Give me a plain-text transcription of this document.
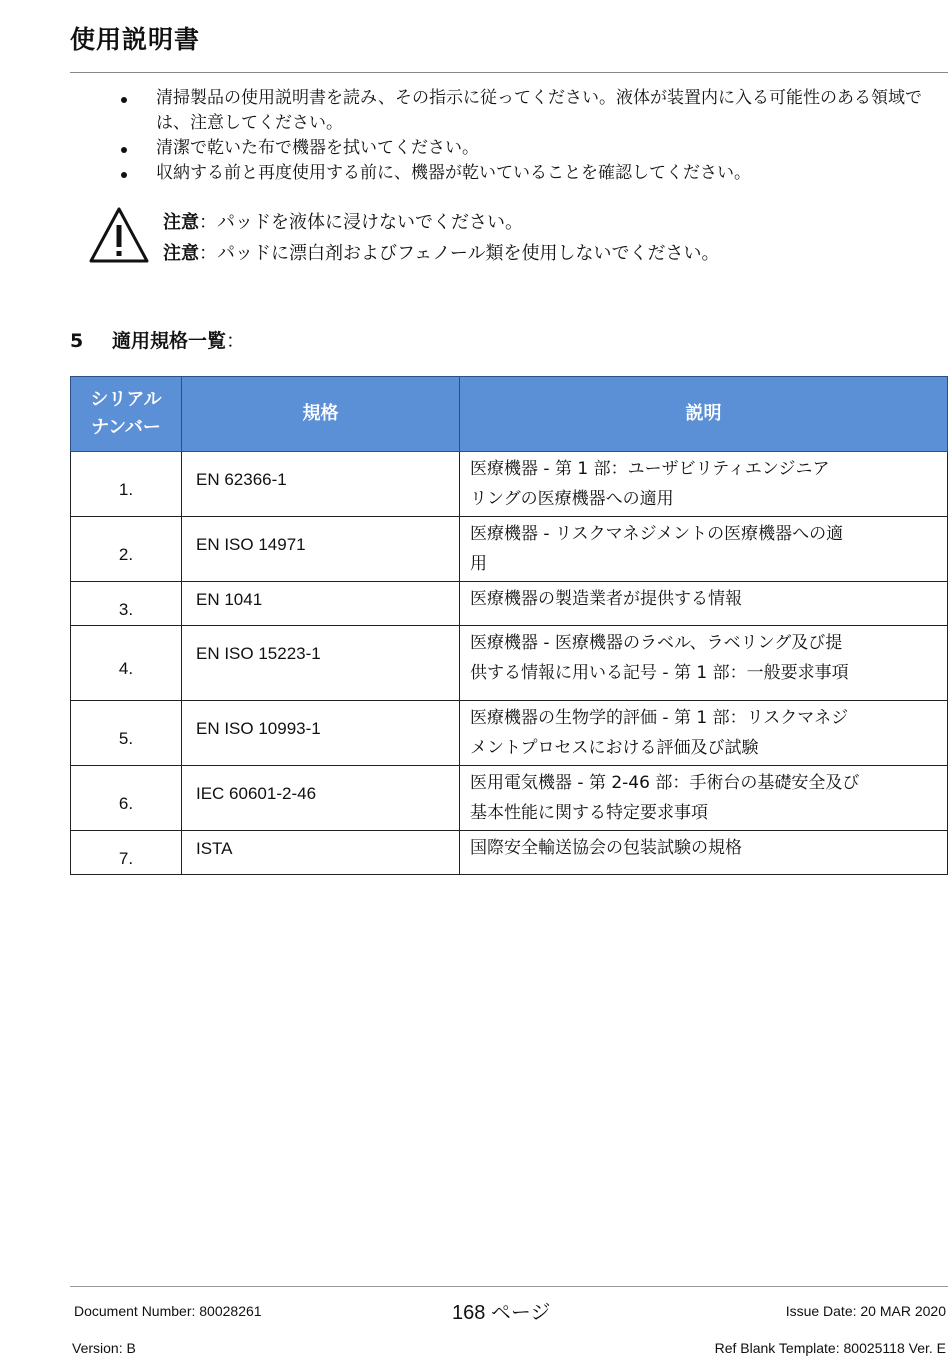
使用説明書
清掃製品の使用説明書を読み、その指示に従ってください。液体が装置内に入る可能性のある領域では、注意してください。
清潔で乾いた布で機器を拭いてください。
収納する前と再度使用する前に、機器が乾いていることを確認してください。
注意：パッドを液体に浸けないでください。
注意：パッドに漂白剤およびフェノール類を使用しないでください。
5 適用規格一覧：
シリアル
ナンバー	規格	説明
1.	EN 62366-1	医療機器 - 第 1 部：ユーザビリティエンジニア
リングの医療機器への適用

2.	EN ISO 14971	医療機器 - リスクマネジメントの医療機器への適
用

3.	EN 1041	医療機器の製造業者が提供する情報

4.	EN ISO 15223-1	医療機器 - 医療機器のラベル、ラベリング及び提
供する情報に用いる記号 - 第 1 部：一般要求事項

5.	EN ISO 10993-1	医療機器の生物学的評価 - 第 1 部：リスクマネジ
メントプロセスにおける評価及び試験

6.	IEC 60601-2-46	医用電気機器 - 第 2-46 部：手術台の基礎安全及び
基本性能に関する特定要求事項

7.	ISTA	国際安全輸送協会の包装試験の規格
Document Number: 80028261	168 ページ	Issue Date: 20 MAR 2020
Version: B	Ref Blank Template: 80025118 Ver. E
